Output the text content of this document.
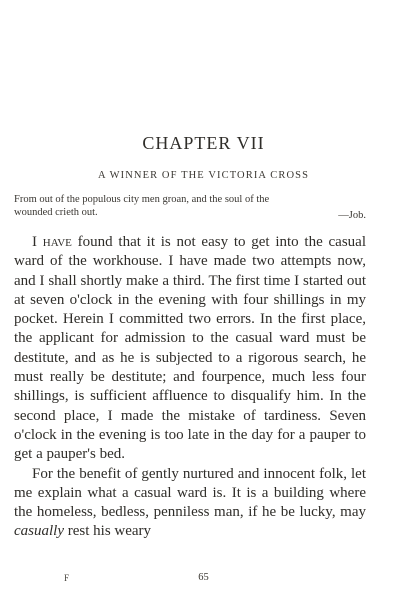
CHAPTER VII
A WINNER OF THE VICTORIA CROSS
From out of the populous city men groan, and the soul of the
wounded crieth out.	—Job.

I have found that it is not easy to get into the casual ward of the workhouse. I have made two attempts now, and I shall shortly make a third. The first time I started out at seven o'clock in the evening with four shillings in my pocket. Herein I committed two errors. In the first place, the applicant for admission to the casual ward must be destitute, and as he is subjected to a rigorous search, he must really be destitute; and fourpence, much less four shillings, is sufficient affluence to disqualify him. In the second place, I made the mistake of tardiness. Seven o'clock in the evening is too late in the day for a pauper to get a pauper's bed.

For the benefit of gently nurtured and innocent folk, let me explain what a casual ward is. It is a building where the homeless, bedless, penniless man, if he be lucky, may casually rest his weary

F	65
